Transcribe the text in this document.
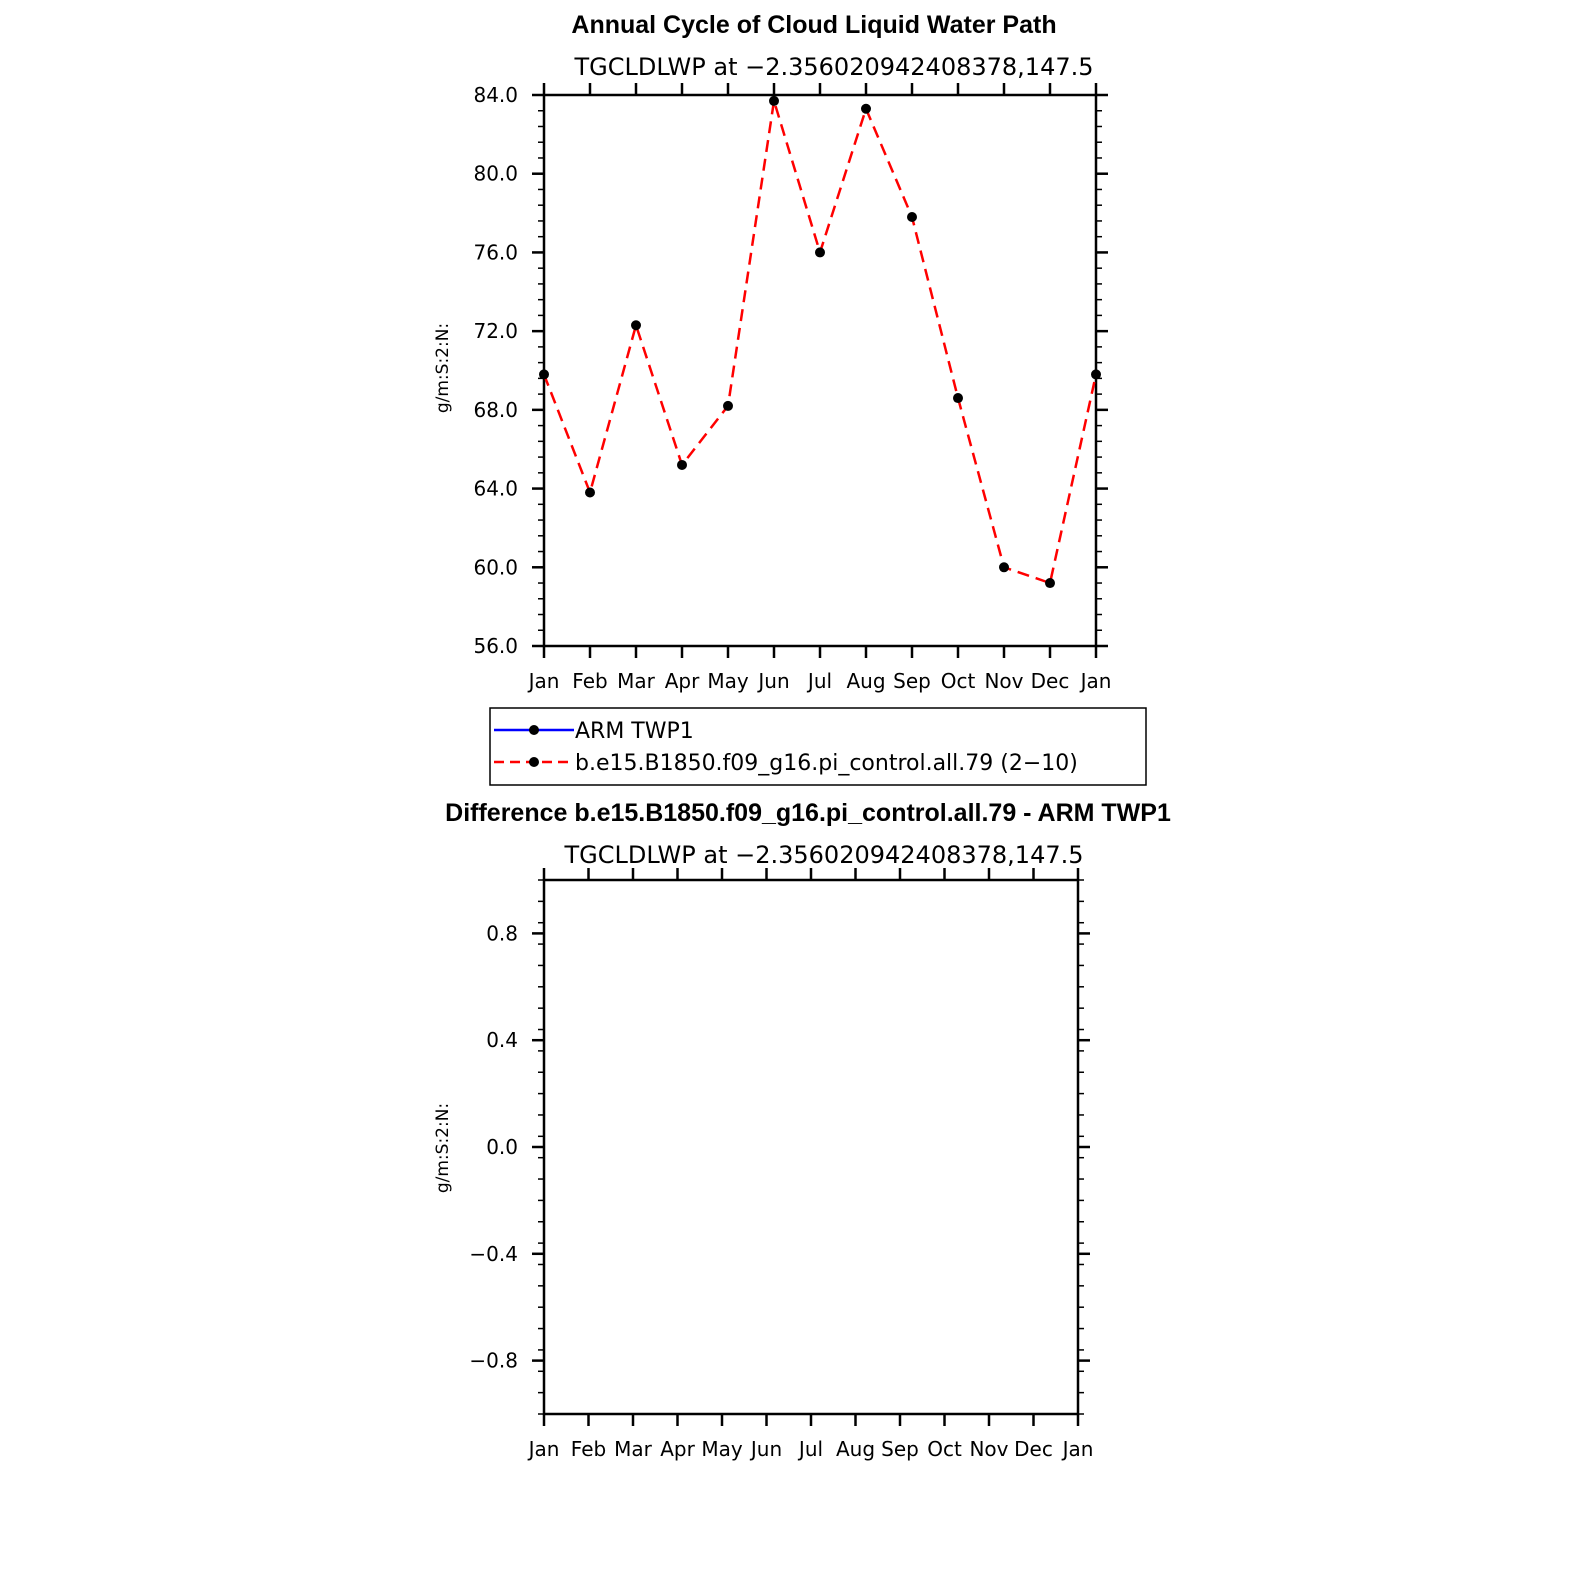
Annual Cycle of Cloud Liquid Water Path
TGCLDLWP at −2.356020942408378,147.5
g/m:S:2:N:
84.0
80.0
76.0
72.0
68.0
64.0
60.0
56.0
Jan Feb Mar Apr May Jun Jul Aug Sep Oct Nov Dec Jan
ARM TWP1
b.e15.B1850.f09_g16.pi_control.all.79 (2−10)
Difference b.e15.B1850.f09_g16.pi_control.all.79 - ARM TWP1
TGCLDLWP at −2.356020942408378,147.5
g/m:S:2:N:
0.8
0.4
0.0
−0.4
−0.8
Jan Feb Mar Apr May Jun Jul Aug Sep Oct Nov Dec Jan
